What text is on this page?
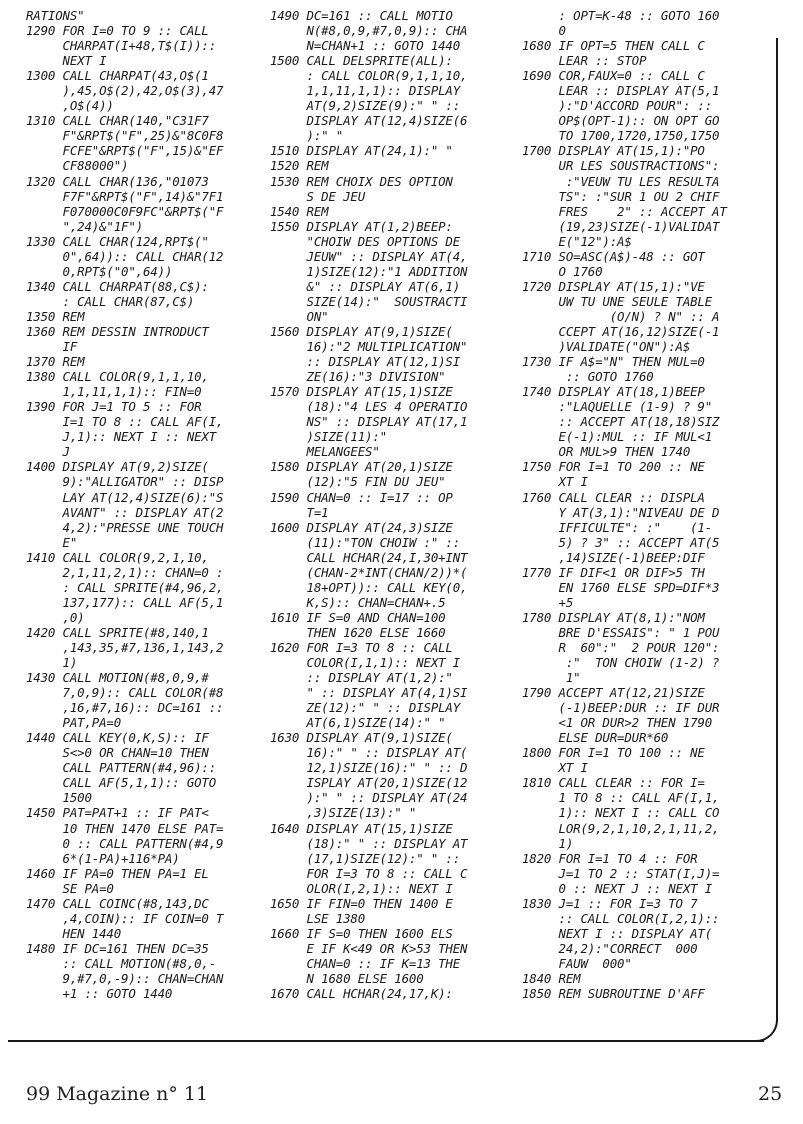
RATIONS"
1290 FOR I=0 TO 9 :: CALL
CHARPAT(I+48,T$(I))::
NEXT I
1300 CALL CHARPAT(43,O$(1
),45,O$(2),42,O$(3),47
,O$(4))
1310 CALL CHAR(140,"C31F7
F"&RPT$("F",25)&"8C0F8
FCFE"&RPT$("F",15)&"EF
CF88000")
1320 CALL CHAR(136,"01073
F7F"&RPT$("F",14)&"7F1
F070000C0F9FC"&RPT$("F
",24)&"1F")
1330 CALL CHAR(124,RPT$("
0",64)):: CALL CHAR(12
0,RPT$("0",64))
1340 CALL CHARPAT(88,C$):
: CALL CHAR(87,C$)
1350 REM
1360 REM DESSIN INTRODUCT
IF
1370 REM
1380 CALL COLOR(9,1,1,10,
1,1,11,1,1):: FIN=0
1390 FOR J=1 TO 5 :: FOR
I=1 TO 8 :: CALL AF(I,
J,1):: NEXT I :: NEXT
J
1400 DISPLAY AT(9,2)SIZE(
9):"ALLIGATOR" :: DISP
LAY AT(12,4)SIZE(6):"S
AVANT" :: DISPLAY AT(2
4,2):"PRESSE UNE TOUCH
E"
1410 CALL COLOR(9,2,1,10,
2,1,11,2,1):: CHAN=0 :
: CALL SPRITE(#4,96,2,
137,177):: CALL AF(5,1
,0)
1420 CALL SPRITE(#8,140,1
,143,35,#7,136,1,143,2
1)
1430 CALL MOTION(#8,0,9,#
7,0,9):: CALL COLOR(#8
,16,#7,16):: DC=161 ::
PAT,PA=0
1440 CALL KEY(0,K,S):: IF
S<>0 OR CHAN=10 THEN
CALL PATTERN(#4,96)::
CALL AF(5,1,1):: GOTO
1500
1450 PAT=PAT+1 :: IF PAT<
10 THEN 1470 ELSE PAT=
0 :: CALL PATTERN(#4,9
6*(1-PA)+116*PA)
1460 IF PA=0 THEN PA=1 EL
SE PA=0
1470 CALL COINC(#8,143,DC
,4,COIN):: IF COIN=0 T
HEN 1440
1480 IF DC=161 THEN DC=35
:: CALL MOTION(#8,0,-
9,#7,0,-9):: CHAN=CHAN
+1 :: GOTO 1440
1490 DC=161 :: CALL MOTIO
N(#8,0,9,#7,0,9):: CHA
N=CHAN+1 :: GOTO 1440
1500 CALL DELSPRITE(ALL):
: CALL COLOR(9,1,1,10,
1,1,11,1,1):: DISPLAY
AT(9,2)SIZE(9):" " ::
DISPLAY AT(12,4)SIZE(6
):" "
1510 DISPLAY AT(24,1):" "
1520 REM
1530 REM CHOIX DES OPTION
S DE JEU
1540 REM
1550 DISPLAY AT(1,2)BEEP:
"CHOIW DES OPTIONS DE
JEUW" :: DISPLAY AT(4,
1)SIZE(12):"1 ADDITION
&" :: DISPLAY AT(6,1)
SIZE(14):"  SOUSTRACTI
ON"
1560 DISPLAY AT(9,1)SIZE(
16):"2 MULTIPLICATION"
:: DISPLAY AT(12,1)SI
ZE(16):"3 DIVISION"
1570 DISPLAY AT(15,1)SIZE
(18):"4 LES 4 OPERATIO
NS" :: DISPLAY AT(17,1
)SIZE(11):"
MELANGEES"
1580 DISPLAY AT(20,1)SIZE
(12):"5 FIN DU JEU"
1590 CHAN=0 :: I=17 :: OP
T=1
1600 DISPLAY AT(24,3)SIZE
(11):"TON CHOIW :" ::
CALL HCHAR(24,I,30+INT
(CHAN-2*INT(CHAN/2))*(
18+OPT)):: CALL KEY(0,
K,S):: CHAN=CHAN+.5
1610 IF S=0 AND CHAN=100
THEN 1620 ELSE 1660
1620 FOR I=3 TO 8 :: CALL
COLOR(I,1,1):: NEXT I
:: DISPLAY AT(1,2):"
" :: DISPLAY AT(4,1)SI
ZE(12):" " :: DISPLAY
AT(6,1)SIZE(14):" "
1630 DISPLAY AT(9,1)SIZE(
16):" " :: DISPLAY AT(
12,1)SIZE(16):" " :: D
ISPLAY AT(20,1)SIZE(12
):" " :: DISPLAY AT(24
,3)SIZE(13):" "
1640 DISPLAY AT(15,1)SIZE
(18):" " :: DISPLAY AT
(17,1)SIZE(12):" " ::
FOR I=3 TO 8 :: CALL C
OLOR(I,2,1):: NEXT I
1650 IF FIN=0 THEN 1400 E
LSE 1380
1660 IF S=0 THEN 1600 ELS
E IF K<49 OR K>53 THEN
CHAN=0 :: IF K=13 THE
N 1680 ELSE 1600
1670 CALL HCHAR(24,17,K):
: OPT=K-48 :: GOTO 160
0
1680 IF OPT=5 THEN CALL C
LEAR :: STOP
1690 COR,FAUX=0 :: CALL C
LEAR :: DISPLAY AT(5,1
):"D'ACCORD POUR": ::
OP$(OPT-1):: ON OPT GO
TO 1700,1720,1750,1750
1700 DISPLAY AT(15,1):"PO
UR LES SOUSTRACTIONS":
:"VEUW TU LES RESULTA
TS": :"SUR 1 OU 2 CHIF
FRES    2" :: ACCEPT AT
(19,23)SIZE(-1)VALIDAT
E("12"):A$
1710 SO=ASC(A$)-48 :: GOT
O 1760
1720 DISPLAY AT(15,1):"VE
UW TU UNE SEULE TABLE
(O/N) ? N" :: A
CCEPT AT(16,12)SIZE(-1
)VALIDATE("ON"):A$
1730 IF A$="N" THEN MUL=0
:: GOTO 1760
1740 DISPLAY AT(18,1)BEEP
:"LAQUELLE (1-9) ? 9"
:: ACCEPT AT(18,18)SIZ
E(-1):MUL :: IF MUL<1
OR MUL>9 THEN 1740
1750 FOR I=1 TO 200 :: NE
XT I
1760 CALL CLEAR :: DISPLA
Y AT(3,1):"NIVEAU DE D
IFFICULTE": :"    (1-
5) ? 3" :: ACCEPT AT(5
,14)SIZE(-1)BEEP:DIF
1770 IF DIF<1 OR DIF>5 TH
EN 1760 ELSE SPD=DIF*3
+5
1780 DISPLAY AT(8,1):"NOM
BRE D'ESSAIS": " 1 POU
R  60":"  2 POUR 120":
:"  TON CHOIW (1-2) ?
1"
1790 ACCEPT AT(12,21)SIZE
(-1)BEEP:DUR :: IF DUR
<1 OR DUR>2 THEN 1790
ELSE DUR=DUR*60
1800 FOR I=1 TO 100 :: NE
XT I
1810 CALL CLEAR :: FOR I=
1 TO 8 :: CALL AF(I,1,
1):: NEXT I :: CALL CO
LOR(9,2,1,10,2,1,11,2,
1)
1820 FOR I=1 TO 4 :: FOR
J=1 TO 2 :: STAT(I,J)=
0 :: NEXT J :: NEXT I
1830 J=1 :: FOR I=3 TO 7
:: CALL COLOR(I,2,1)::
NEXT I :: DISPLAY AT(
24,2):"CORRECT  000
FAUW  000"
1840 REM
1850 REM SUBROUTINE D'AFF
99 Magazine n° 11	25
